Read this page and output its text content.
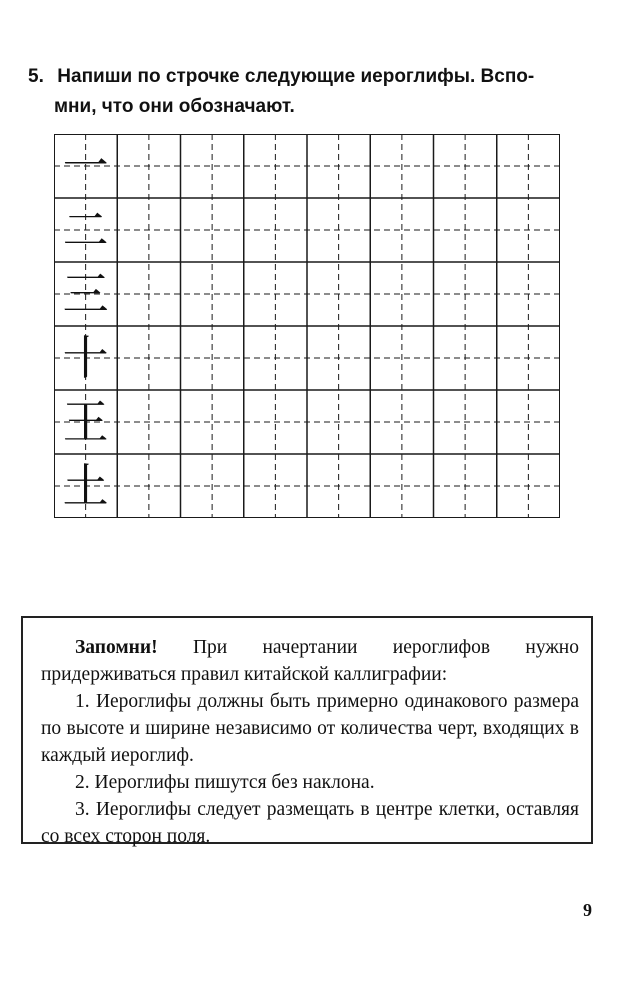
5. Напиши по строчке следующие иероглифы. Вспо-
мни, что они обозначают.
一
二
三
十
王
土

Запомни! При начертании иероглифов нужно придерживаться правил китайской каллиграфии:

1. Иероглифы должны быть примерно одинакового размера по высоте и ширине независимо от количества черт, входящих в каждый иероглиф.

2. Иероглифы пишутся без наклона.

3. Иероглифы следует размещать в центре клетки, оставляя со всех сторон поля.

9
